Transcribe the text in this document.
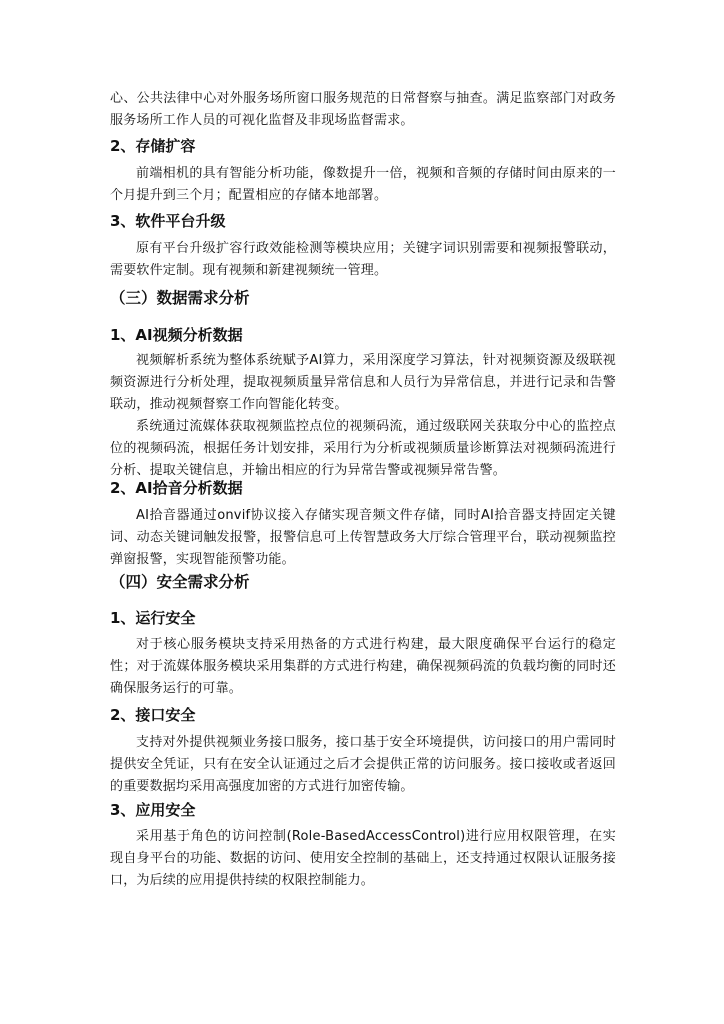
心、公共法律中心对外服务场所窗口服务规范的日常督察与抽查。满足监察部门对政务服务场所工作人员的可视化监督及非现场监督需求。
2、存储扩容
前端相机的具有智能分析功能，像数提升一倍，视频和音频的存储时间由原来的一个月提升到三个月；配置相应的存储本地部署。
3、软件平台升级
原有平台升级扩容行政效能检测等模块应用；关键字词识别需要和视频报警联动，需要软件定制。现有视频和新建视频统一管理。
（三）数据需求分析
1、AI视频分析数据
视频解析系统为整体系统赋予AI算力，采用深度学习算法，针对视频资源及级联视频资源进行分析处理，提取视频质量异常信息和人员行为异常信息，并进行记录和告警联动，推动视频督察工作向智能化转变。
系统通过流媒体获取视频监控点位的视频码流，通过级联网关获取分中心的监控点位的视频码流，根据任务计划安排，采用行为分析或视频质量诊断算法对视频码流进行分析、提取关键信息，并输出相应的行为异常告警或视频异常告警。
2、AI拾音分析数据
AI拾音器通过onvif协议接入存储实现音频文件存储，同时AI拾音器支持固定关键词、动态关键词触发报警，报警信息可上传智慧政务大厅综合管理平台，联动视频监控弹窗报警，实现智能预警功能。
（四）安全需求分析
1、运行安全
对于核心服务模块支持采用热备的方式进行构建，最大限度确保平台运行的稳定性；对于流媒体服务模块采用集群的方式进行构建，确保视频码流的负载均衡的同时还确保服务运行的可靠。
2、接口安全
支持对外提供视频业务接口服务，接口基于安全环境提供，访问接口的用户需同时提供安全凭证，只有在安全认证通过之后才会提供正常的访问服务。接口接收或者返回的重要数据均采用高强度加密的方式进行加密传输。
3、应用安全
采用基于角色的访问控制(Role-BasedAccessControl)进行应用权限管理，在实现自身平台的功能、数据的访问、使用安全控制的基础上，还支持通过权限认证服务接口，为后续的应用提供持续的权限控制能力。
